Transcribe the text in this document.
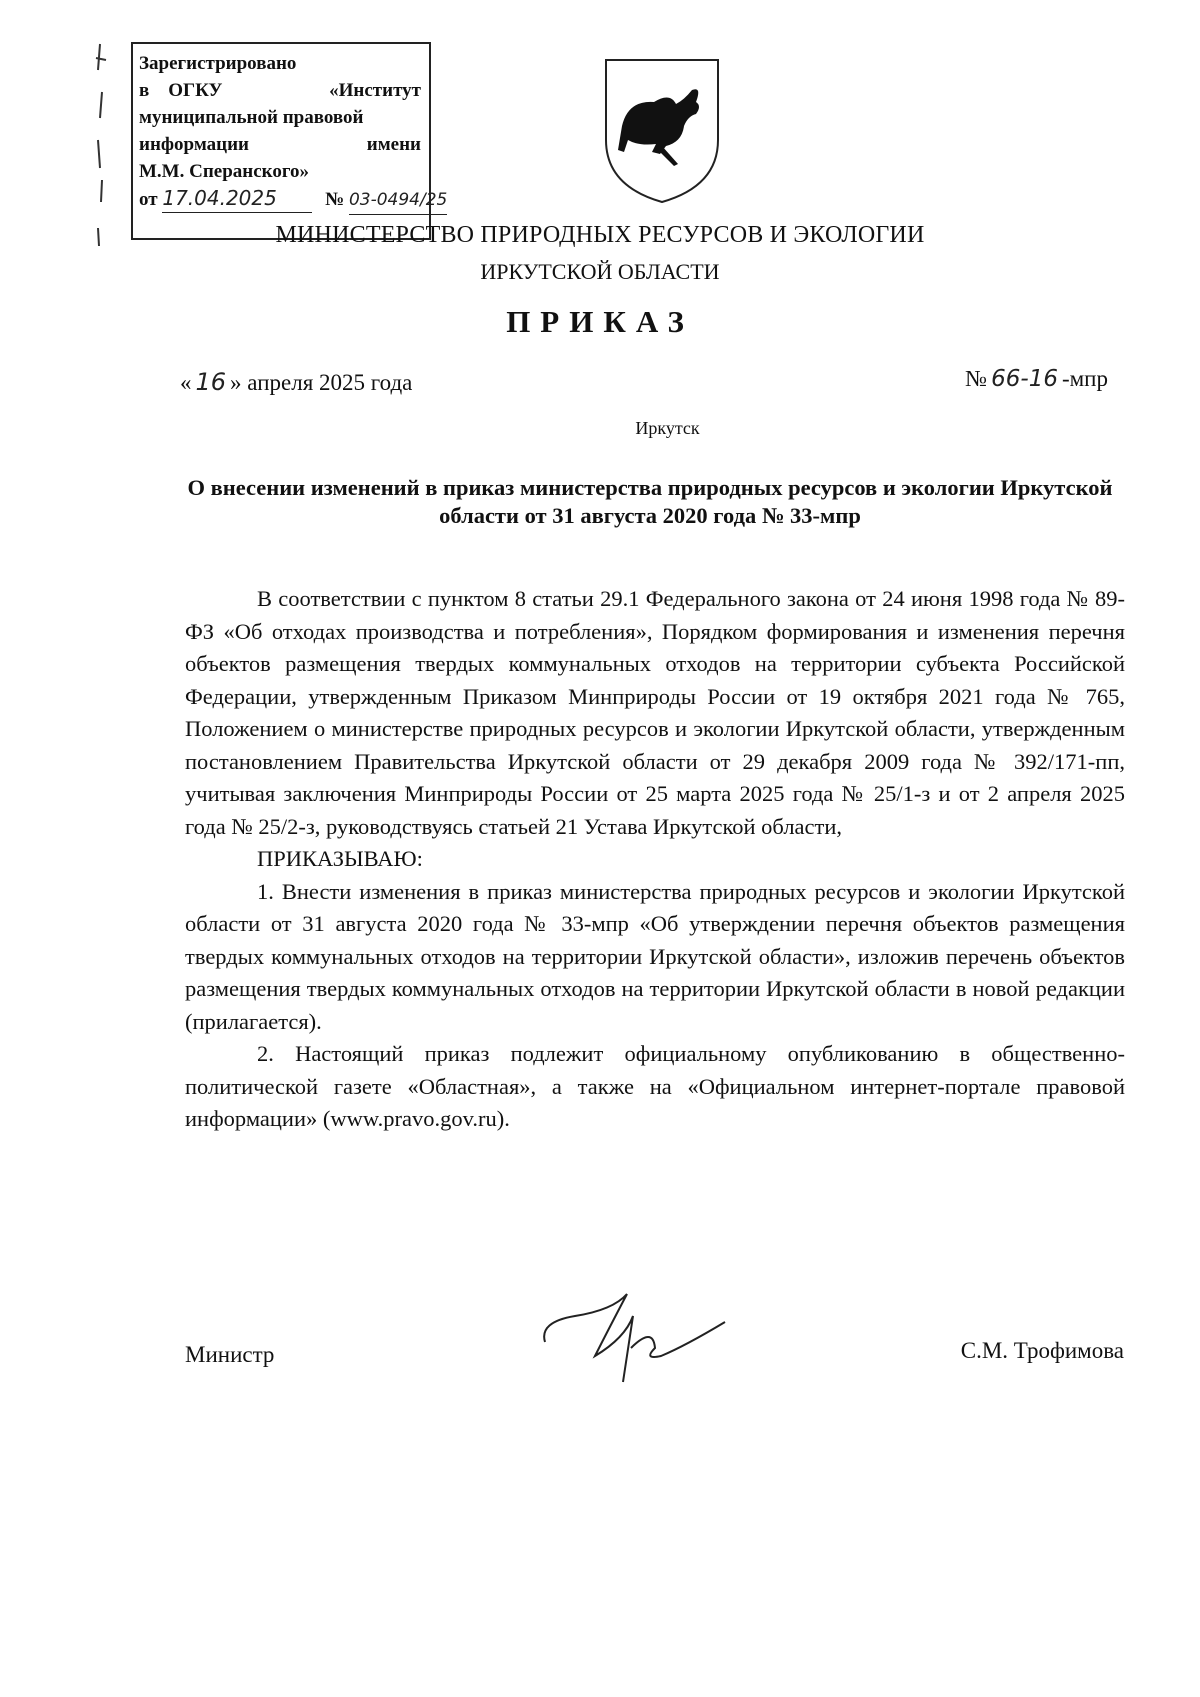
Зарегистрировано
в ОГКУ	«Институт
муниципальной правовой
информации	имени
М.М. Сперанского»
от 17.04.2025	№ 03-0494/25
МИНИСТЕРСТВО ПРИРОДНЫХ РЕСУРСОВ И ЭКОЛОГИИ
ИРКУТСКОЙ ОБЛАСТИ
ПРИКАЗ
« 16 » апреля 2025 года	№ 66-16 -мпр
Иркутск
О внесении изменений в приказ министерства природных ресурсов и экологии Иркутской области от 31 августа 2020 года № 33-мпр

В соответствии с пунктом 8 статьи 29.1 Федерального закона от 24 июня 1998 года № 89-ФЗ «Об отходах производства и потребления», Порядком формирования и изменения перечня объектов размещения твердых коммунальных отходов на территории субъекта Российской Федерации, утвержденным Приказом Минприроды России от 19 октября 2021 года № 765, Положением о министерстве природных ресурсов и экологии Иркутской области, утвержденным постановлением Правительства Иркутской области от 29 декабря 2009 года № 392/171-пп, учитывая заключения Минприроды России от 25 марта 2025 года № 25/1-з и от 2 апреля 2025 года № 25/2-з, руководствуясь статьей 21 Устава Иркутской области,

ПРИКАЗЫВАЮ:

1. Внести изменения в приказ министерства природных ресурсов и экологии Иркутской области от 31 августа 2020 года № 33-мпр «Об утверждении перечня объектов размещения твердых коммунальных отходов на территории Иркутской области», изложив перечень объектов размещения твердых коммунальных отходов на территории Иркутской области в новой редакции (прилагается).

2. Настоящий приказ подлежит официальному опубликованию в общественно-политической газете «Областная», а также на «Официальном интернет-портале правовой информации» (www.pravo.gov.ru).

Министр	С.М. Трофимова
